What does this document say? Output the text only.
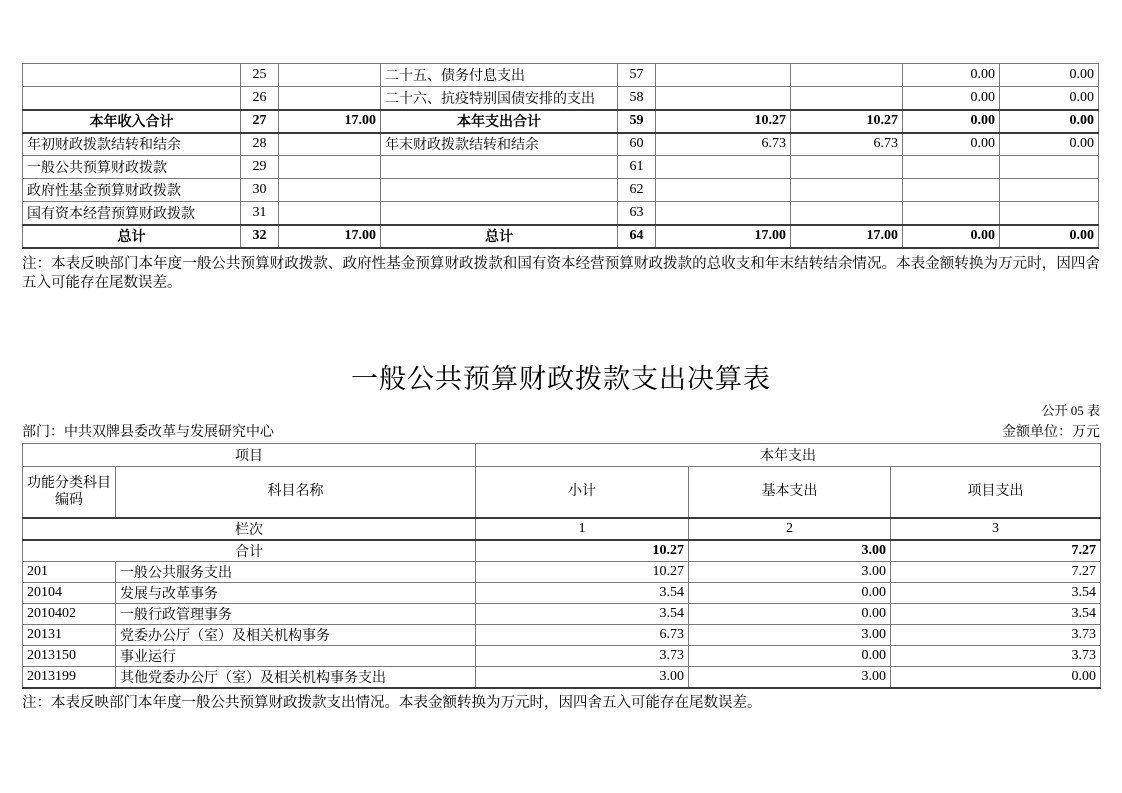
	25		二十五、债务付息支出	57			0.00	0.00
	26		二十六、抗疫特别国债安排的支出	58			0.00	0.00
本年收入合计	27	17.00	本年支出合计	59	10.27	10.27	0.00	0.00
年初财政拨款结转和结余	28		年末财政拨款结转和结余	60	6.73	6.73	0.00	0.00
一般公共预算财政拨款	29			61				
政府性基金预算财政拨款	30			62				
国有资本经营预算财政拨款	31			63				
总计	32	17.00	总计	64	17.00	17.00	0.00	0.00
注：本表反映部门本年度一般公共预算财政拨款、政府性基金预算财政拨款和国有资本经营预算财政拨款的总收支和年末结转结余情况。本表金额转换为万元时，因四舍五入可能存在尾数误差。
一般公共预算财政拨款支出决算表
公开 05 表
部门：中共双牌县委改革与发展研究中心	金额单位：万元
项目		本年支出		
功能分类科目编码	科目名称	小计	基本支出	项目支出
栏次		1	2	3
合计		10.27	3.00	7.27
201	一般公共服务支出	10.27	3.00	7.27
20104	发展与改革事务	3.54	0.00	3.54
2010402	一般行政管理事务	3.54	0.00	3.54
20131	党委办公厅（室）及相关机构事务	6.73	3.00	3.73
2013150	事业运行	3.73	0.00	3.73
2013199	其他党委办公厅（室）及相关机构事务支出	3.00	3.00	0.00
注：本表反映部门本年度一般公共预算财政拨款支出情况。本表金额转换为万元时，因四舍五入可能存在尾数误差。
